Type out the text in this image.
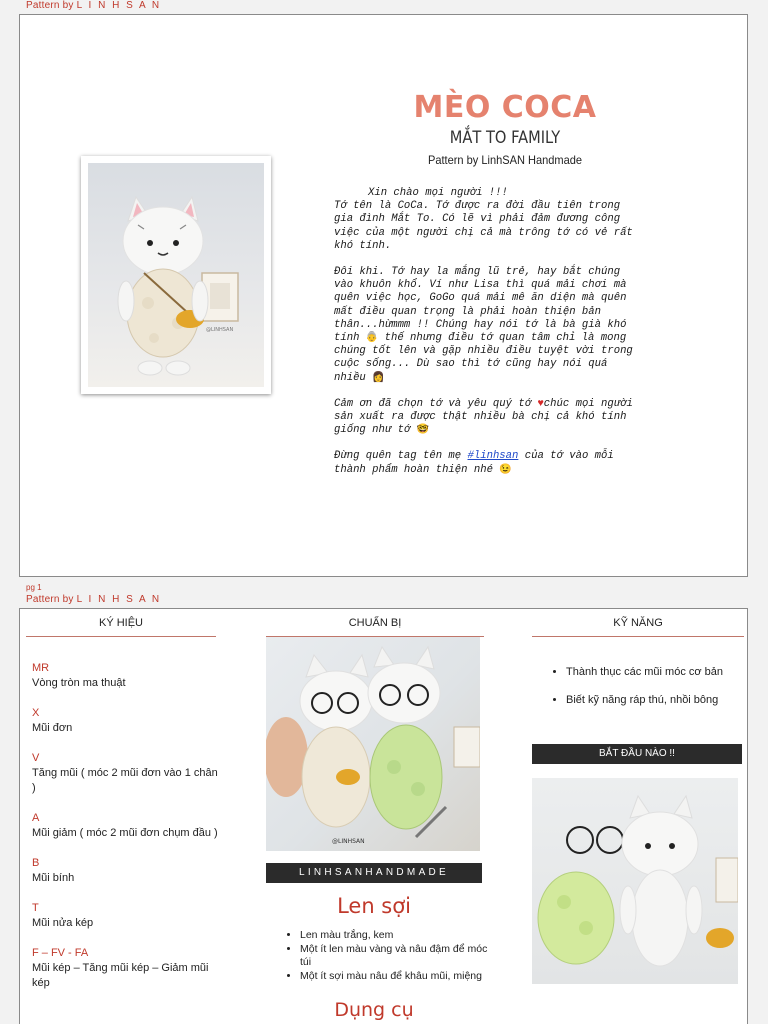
Pattern by L I N H S A N
@LINHSAN
MÈO COCA
MẮT TO FAMILY
Pattern by LinhSAN Handmade

Xin chào mọi người !!!
Tớ tên là CoCa. Tớ được ra đời đầu tiên trong gia đình Mắt To. Có lẽ vì phải đảm đương công việc của một người chị cả mà trông tớ có vẻ rất khó tính.

Đôi khi. Tớ hay la mắng lũ trẻ, hay bắt chúng vào khuôn khổ. Ví như Lisa thì quá mải chơi mà quên việc học, GoGo quá mải mê ăn diện mà quên mất điều quan trọng là phải hoàn thiện bản thân...hừmmm !! Chúng hay nói tớ là bà già khó tính 👵 thế nhưng điều tớ quan tâm chỉ là mong chúng tốt lên và gặp nhiều điều tuyệt vời trong cuộc sống... Dù sao thì tớ cũng hay nói quá nhiều 👩

Cảm ơn đã chọn tớ và yêu quý tớ ♥chúc mọi người sản xuất ra được thật nhiều bà chị cả khó tính giống như tớ 🤓

Đừng quên tag tên mẹ #linhsan của tớ vào mỗi thành phẩm hoàn thiện nhé 😉

pg 1
Pattern by L I N H S A N
KÝ HIỆU	CHUẨN BỊ	KỸ NĂNG
MR
Vòng tròn ma thuật
X
Mũi đơn
V
Tăng mũi ( móc 2 mũi đơn vào 1 chân )
A
Mũi giảm ( móc 2 mũi đơn chụm đầu )
B
Mũi bính
T
Mũi nửa kép
F – FV - FA
Mũi kép – Tăng mũi kép – Giảm mũi kép
@LINHSAN
LINHSANHANDMADE
Len sợi
• Len màu trắng, kem
• Một ít len màu vàng và nâu đậm để móc túi
• Một ít sợi màu nâu để khâu mũi, miệng
Dụng cụ
• Thành thục các mũi móc cơ bản
• Biết kỹ năng ráp thú, nhồi bông
BẮT ĐẦU NÀO !!
